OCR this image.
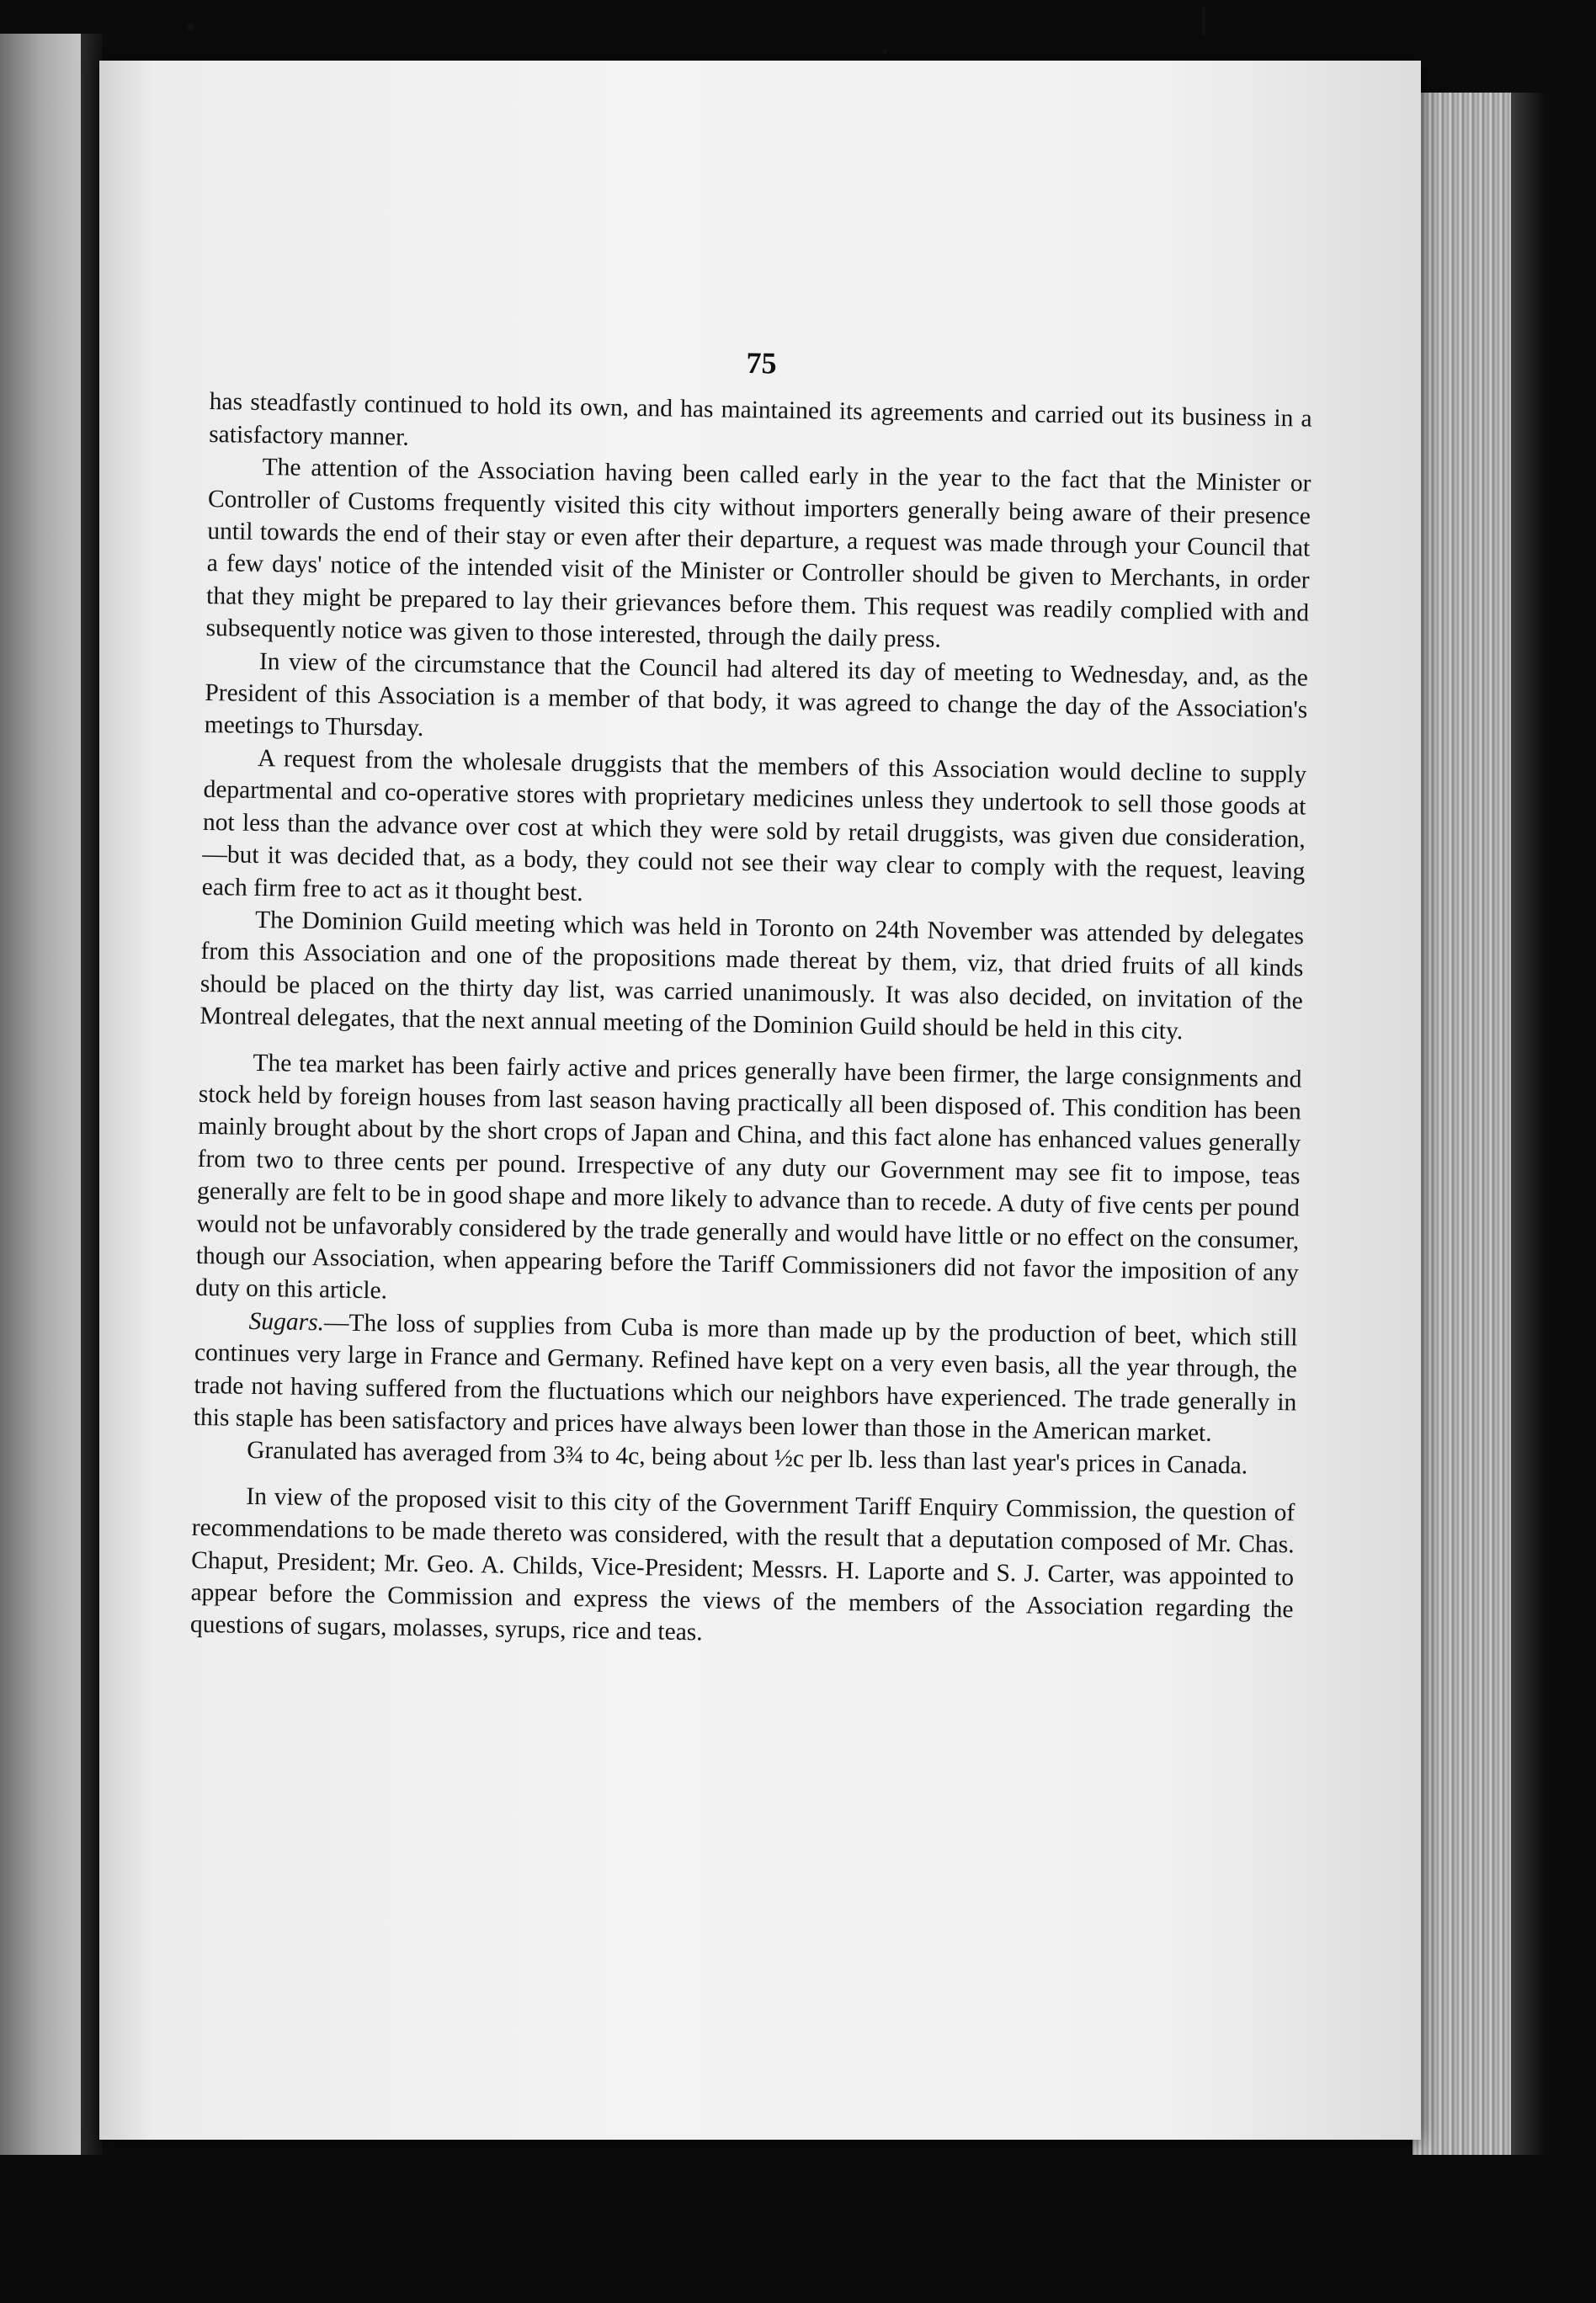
75

has steadfastly continued to hold its own, and has maintained its agreements and carried out its business in a satisfactory manner.

The attention of the Association having been called early in the year to the fact that the Minister or Controller of Customs frequently visited this city without importers generally being aware of their presence until towards the end of their stay or even after their departure, a request was made through your Council that a few days' notice of the intended visit of the Minister or Controller should be given to Merchants, in order that they might be prepared to lay their grievances before them. This request was readily complied with and subsequently notice was given to those interested, through the daily press.

In view of the circumstance that the Council had altered its day of meeting to Wednesday, and, as the President of this Association is a member of that body, it was agreed to change the day of the Association's meetings to Thursday.

A request from the wholesale druggists that the members of this Association would decline to supply departmental and co-operative stores with proprietary medicines unless they undertook to sell those goods at not less than the advance over cost at which they were sold by retail druggists, was given due consideration, —but it was decided that, as a body, they could not see their way clear to comply with the request, leaving each firm free to act as it thought best.

The Dominion Guild meeting which was held in Toronto on 24th November was attended by delegates from this Association and one of the propositions made thereat by them, viz, that dried fruits of all kinds should be placed on the thirty day list, was carried unanimously. It was also decided, on invitation of the Montreal delegates, that the next annual meeting of the Dominion Guild should be held in this city.

The tea market has been fairly active and prices generally have been firmer, the large consignments and stock held by foreign houses from last season having practically all been disposed of. This condition has been mainly brought about by the short crops of Japan and China, and this fact alone has enhanced values generally from two to three cents per pound. Irrespective of any duty our Government may see fit to impose, teas generally are felt to be in good shape and more likely to advance than to recede. A duty of five cents per pound would not be unfavorably considered by the trade generally and would have little or no effect on the consumer, though our Association, when appearing before the Tariff Commissioners did not favor the imposition of any duty on this article.

Sugars.—The loss of supplies from Cuba is more than made up by the production of beet, which still continues very large in France and Germany. Refined have kept on a very even basis, all the year through, the trade not having suffered from the fluctuations which our neighbors have experienced. The trade generally in this staple has been satisfactory and prices have always been lower than those in the American market.

Granulated has averaged from 3¾ to 4c, being about ½c per lb. less than last year's prices in Canada.

In view of the proposed visit to this city of the Government Tariff Enquiry Commission, the question of recommendations to be made thereto was considered, with the result that a deputation composed of Mr. Chas. Chaput, President; Mr. Geo. A. Childs, Vice-President; Messrs. H. Laporte and S. J. Carter, was appointed to appear before the Commission and express the views of the members of the Association regarding the questions of sugars, molasses, syrups, rice and teas.
